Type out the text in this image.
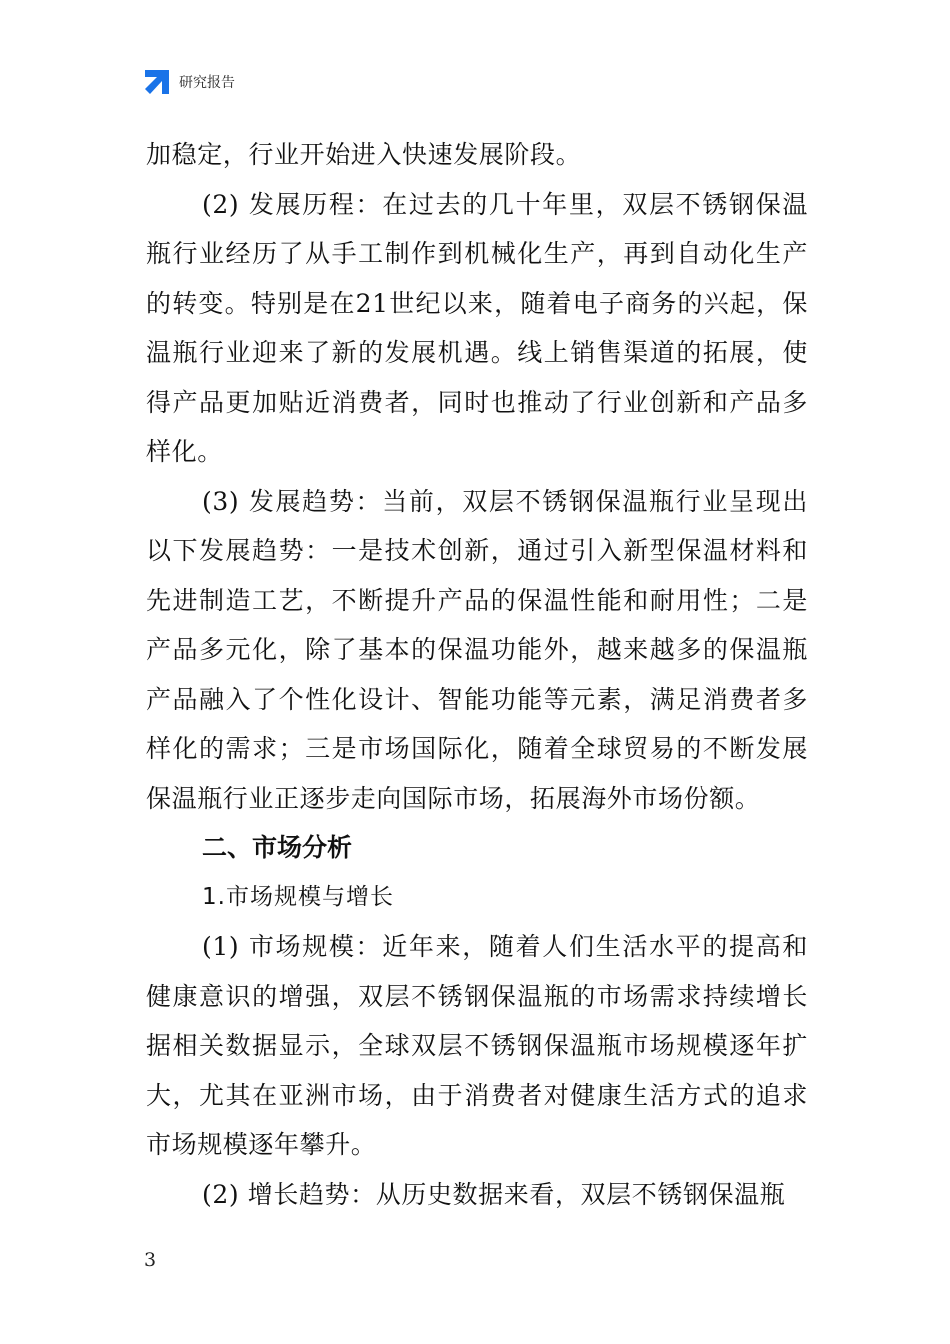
研究报告

加稳定，行业开始进入快速发展阶段。

(2) 发展历程：在过去的几十年里，双层不锈钢保温瓶行业经历了从手工制作到机械化生产，再到自动化生产的转变。特别是在21世纪以来，随着电子商务的兴起，保温瓶行业迎来了新的发展机遇。线上销售渠道的拓展，使得产品更加贴近消费者，同时也推动了行业创新和产品多样化。

(3) 发展趋势：当前，双层不锈钢保温瓶行业呈现出以下发展趋势：一是技术创新，通过引入新型保温材料和先进制造工艺，不断提升产品的保温性能和耐用性；二是产品多元化，除了基本的保温功能外，越来越多的保温瓶产品融入了个性化设计、智能功能等元素，满足消费者多样化的需求；三是市场国际化，随着全球贸易的不断发展保温瓶行业正逐步走向国际市场，拓展海外市场份额。

二、市场分析
1.市场规模与增长

(1) 市场规模：近年来，随着人们生活水平的提高和健康意识的增强，双层不锈钢保温瓶的市场需求持续增长据相关数据显示，全球双层不锈钢保温瓶市场规模逐年扩大，尤其在亚洲市场，由于消费者对健康生活方式的追求市场规模逐年攀升。

(2) 增长趋势：从历史数据来看，双层不锈钢保温瓶

3
